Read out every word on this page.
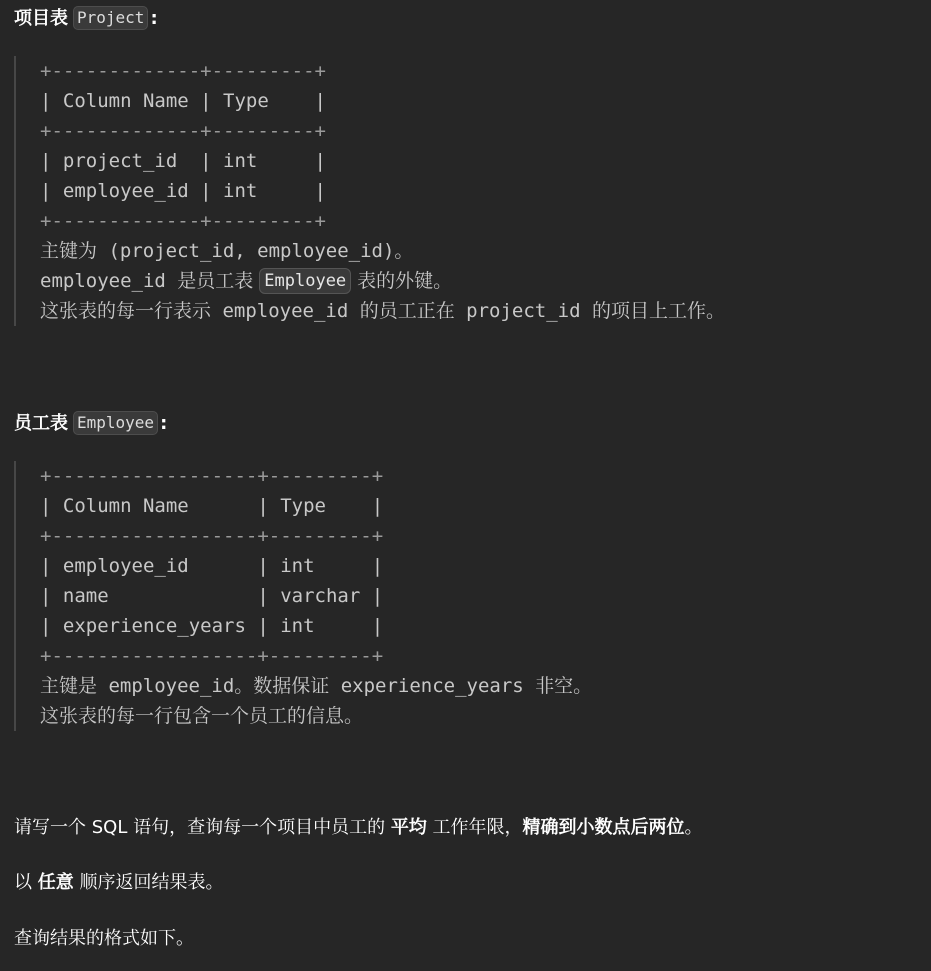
项目表 Project :
+-------------+---------+
| Column Name | Type    |
+-------------+---------+
| project_id  | int     |
| employee_id | int     |
+-------------+---------+
主键为 (project_id, employee_id)。
employee_id 是员工表 Employee 表的外键。
这张表的每一行表示 employee_id 的员工正在 project_id 的项目上工作。
员工表 Employee :
+------------------+---------+
| Column Name      | Type    |
+------------------+---------+
| employee_id      | int     |
| name             | varchar |
| experience_years | int     |
+------------------+---------+
主键是 employee_id。数据保证 experience_years 非空。
这张表的每一行包含一个员工的信息。
请写一个 SQL 语句，查询每一个项目中员工的 平均 工作年限，精确到小数点后两位。
以 任意 顺序返回结果表。
查询结果的格式如下。
